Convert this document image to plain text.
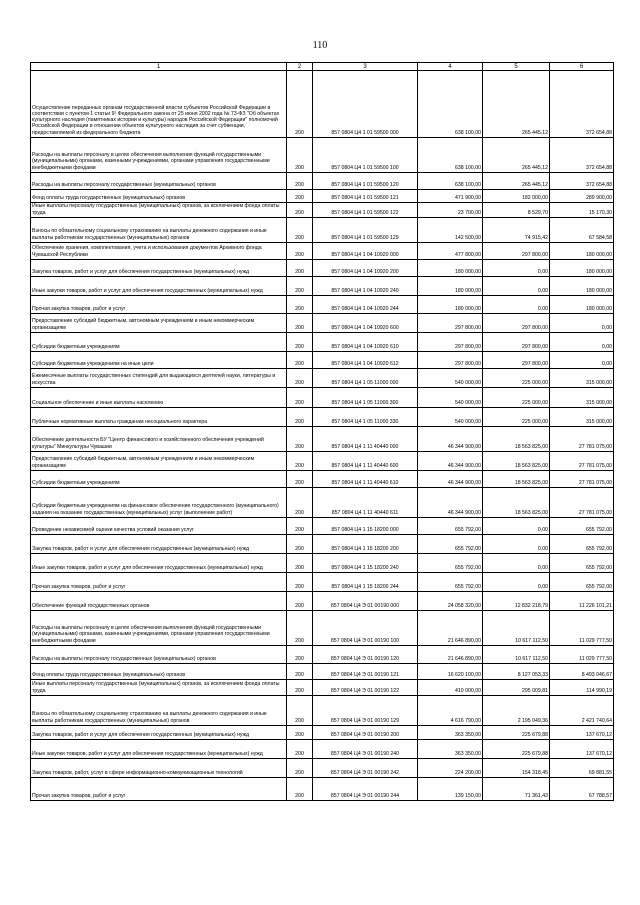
110
1	2	3	4	5	6
Осуществление переданных органам государственной власти субъектов Российской Федерации в соответствии с пунктом 1 статьи 9¹ Федерального закона от 25 июня 2002 года № 73-ФЗ "Об объектах культурного наследия (памятниках истории и культуры) народов Российской Федерации" полномочий Российской Федерации в отношении объектов культурного наследия за счет субвенции, предоставляемой из федерального бюджета	200	857 0804 Ц4 1 01 59500 000	638 100,00	265 445,12	372 654,88
Расходы на выплаты персоналу в целях обеспечения выполнения функций государственными (муниципальными) органами, казенными учреждениями, органами управления государственными внебюджетными фондами	200	857 0804 Ц4 1 01 59500 100	638 100,00	265 445,12	372 654,88
Расходы на выплаты персоналу государственных (муниципальных) органов	200	857 0804 Ц4 1 01 59500 120	638 100,00	265 445,12	372 654,88
Фонд оплаты труда государственных (муниципальных) органов	200	857 0804 Ц4 1 01 59500 121	471 900,00	182 000,00	289 900,00
Иные выплаты персоналу государственных (муниципальных) органов, за исключением фонда оплаты труда	200	857 0804 Ц4 1 01 59500 122	23 700,00	8 529,70	15 170,30
Взносы по обязательному социальному страхованию на выплаты денежного содержания и иные выплаты работникам государственных (муниципальных) органов	200	857 0804 Ц4 1 01 59500 129	142 500,00	74 915,42	67 584,58
Обеспечение хранения, комплектования, учета и использования документов Архивного фонда Чувашской Республики	200	857 0804 Ц4 1 04 10920 000	477 800,00	297 800,00	180 000,00
Закупка товаров, работ и услуг для обеспечения государственных (муниципальных) нужд	200	857 0804 Ц4 1 04 10920 200	180 000,00	0,00	180 000,00
Иные закупки товаров, работ и услуг для обеспечения государственных (муниципальных) нужд	200	857 0804 Ц4 1 04 10920 240	180 000,00	0,00	180 000,00
Прочая закупка товаров, работ и услуг	200	857 0804 Ц4 1 04 10920 244	180 000,00	0,00	180 000,00
Предоставление субсидий бюджетным, автономным учреждениям и иным некоммерческим организациям	200	857 0804 Ц4 1 04 10920 600	297 800,00	297 800,00	0,00
Субсидии бюджетным учреждениям	200	857 0804 Ц4 1 04 10920 610	297 800,00	297 800,00	0,00
Субсидии бюджетным учреждениям на иные цели	200	857 0804 Ц4 1 04 10920 612	297 800,00	297 800,00	0,00
Ежемесячные выплаты государственных стипендий для выдающихся деятелей науки, литературы и искусства	200	857 0804 Ц4 1 05 11000 000	540 000,00	225 000,00	315 000,00
Социальное обеспечение и иные выплаты населению	200	857 0804 Ц4 1 05 11000 300	540 000,00	225 000,00	315 000,00
Публичные нормативные выплаты гражданам несоциального характера	200	857 0804 Ц4 1 05 11000 330	540 000,00	225 000,00	315 000,00
Обеспечение деятельности БУ "Центр финансового и хозяйственного обеспечения учреждений культуры" Минкультуры Чувашии	200	857 0804 Ц4 1 11 40440 000	46 344 900,00	18 563 825,00	27 781 075,00
Предоставление субсидий бюджетным, автономным учреждениям и иным некоммерческим организациям	200	857 0804 Ц4 1 11 40440 600	46 344 900,00	18 563 825,00	27 781 075,00
Субсидии бюджетным учреждениям	200	857 0804 Ц4 1 11 40440 610	46 344 900,00	18 563 825,00	27 781 075,00
Субсидии бюджетным учреждениям на финансовое обеспечение государственного (муниципального) задания на оказание государственных (муниципальных) услуг (выполнение работ)	200	857 0804 Ц4 1 11 40440 611	46 344 900,00	18 563 825,00	27 781 075,00
Проведение независимой оценки качества условий оказания услуг	200	857 0804 Ц4 1 15 18200 000	655 792,00	0,00	655 792,00
Закупка товаров, работ и услуг для обеспечения государственных (муниципальных) нужд	200	857 0804 Ц4 1 15 18200 200	655 792,00	0,00	655 792,00
Иные закупки товаров, работ и услуг для обеспечения государственных (муниципальных) нужд	200	857 0804 Ц4 1 15 18200 240	655 792,00	0,00	655 792,00
Прочая закупка товаров, работ и услуг	200	857 0804 Ц4 1 15 18200 244	655 792,00	0,00	655 792,00
Обеспечение функций государственных органов	200	857 0804 Ц4 Э 01 00190 000	24 058 320,00	12 832 218,79	11 226 101,21
Расходы на выплаты персоналу в целях обеспечения выполнения функций государственными (муниципальными) органами, казенными учреждениями, органами управления государственными внебюджетными фондами	200	857 0804 Ц4 Э 01 00190 100	21 646 890,00	10 617 112,50	11 029 777,50
Расходы на выплаты персоналу государственных (муниципальных) органов	200	857 0804 Ц4 Э 01 00190 120	21 646 890,00	10 617 112,50	11 029 777,50
Фонд оплаты труда государственных (муниципальных) органов	200	857 0804 Ц4 Э 01 00190 121	16 620 100,00	8 127 053,33	8 493 046,67
Иные выплаты персоналу государственных (муниципальных) органов, за исключением фонда оплаты труда	200	857 0804 Ц4 Э 01 00190 122	410 000,00	295 009,81	114 990,19
Взносы по обязательному социальному страхованию на выплаты денежного содержания и иные выплаты работникам государственных (муниципальных) органов	200	857 0804 Ц4 Э 01 00190 129	4 616 790,00	2 195 049,36	2 421 740,64
Закупка товаров, работ и услуг для обеспечения государственных (муниципальных) нужд	200	857 0804 Ц4 Э 01 00190 200	363 350,00	225 679,88	137 670,12
Иные закупки товаров, работ и услуг для обеспечения государственных (муниципальных) нужд	200	857 0804 Ц4 Э 01 00190 240	363 350,00	225 679,88	137 670,12
Закупка товаров, работ, услуг в сфере информационно-коммуникационных технологий	200	857 0804 Ц4 Э 01 00190 242	224 200,00	154 318,45	69 881,55
Прочая закупка товаров, работ и услуг	200	857 0804 Ц4 Э 01 00190 244	139 150,00	71 361,43	67 788,57
